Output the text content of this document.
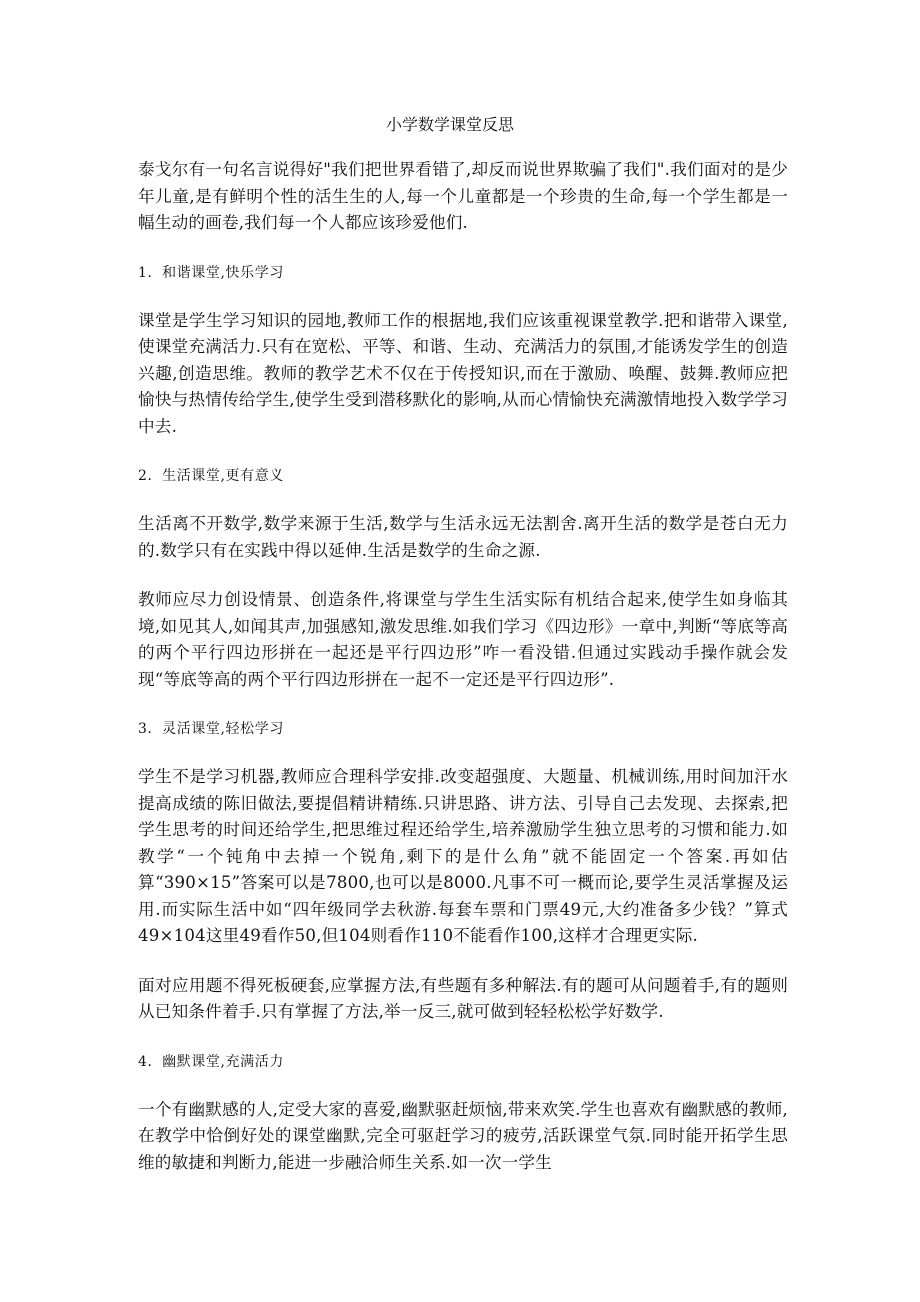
小学数学课堂反思

泰戈尔有一句名言说得好"我们把世界看错了,却反而说世界欺骗了我们".我们面对的是少年儿童,是有鲜明个性的活生生的人,每一个儿童都是一个珍贵的生命,每一个学生都是一幅生动的画卷,我们每一个人都应该珍爱他们.

1．和谐课堂,快乐学习

课堂是学生学习知识的园地,教师工作的根据地,我们应该重视课堂教学.把和谐带入课堂,使课堂充满活力.只有在宽松、平等、和谐、生动、充满活力的氛围,才能诱发学生的创造兴趣,创造思维。教师的教学艺术不仅在于传授知识,而在于激励、唤醒、鼓舞.教师应把愉快与热情传给学生,使学生受到潜移默化的影响,从而心情愉快充满激情地投入数学学习中去.

2．生活课堂,更有意义

生活离不开数学,数学来源于生活,数学与生活永远无法割舍.离开生活的数学是苍白无力的.数学只有在实践中得以延伸.生活是数学的生命之源.

教师应尽力创设情景、创造条件,将课堂与学生生活实际有机结合起来,使学生如身临其境,如见其人,如闻其声,加强感知,激发思维.如我们学习《四边形》一章中,判断“等底等高的两个平行四边形拼在一起还是平行四边形”咋一看没错.但通过实践动手操作就会发现“等底等高的两个平行四边形拼在一起不一定还是平行四边形”.

3．灵活课堂,轻松学习

学生不是学习机器,教师应合理科学安排.改变超强度、大题量、机械训练,用时间加汗水提高成绩的陈旧做法,要提倡精讲精练.只讲思路、讲方法、引导自己去发现、去探索,把学生思考的时间还给学生,把思维过程还给学生,培养激励学生独立思考的习惯和能力.如教学“一个钝角中去掉一个锐角,剩下的是什么角”就不能固定一个答案.再如估算“390×15”答案可以是7800,也可以是8000.凡事不可一概而论,要学生灵活掌握及运用.而实际生活中如“四年级同学去秋游.每套车票和门票49元,大约准备多少钱？”算式49×104这里49看作50,但104则看作110不能看作100,这样才合理更实际.

面对应用题不得死板硬套,应掌握方法,有些题有多种解法.有的题可从问题着手,有的题则从已知条件着手.只有掌握了方法,举一反三,就可做到轻轻松松学好数学.

4．幽默课堂,充满活力

一个有幽默感的人,定受大家的喜爱,幽默驱赶烦恼,带来欢笑.学生也喜欢有幽默感的教师,在教学中恰倒好处的课堂幽默,完全可驱赶学习的疲劳,活跃课堂气氛.同时能开拓学生思维的敏捷和判断力,能进一步融洽师生关系.如一次一学生
